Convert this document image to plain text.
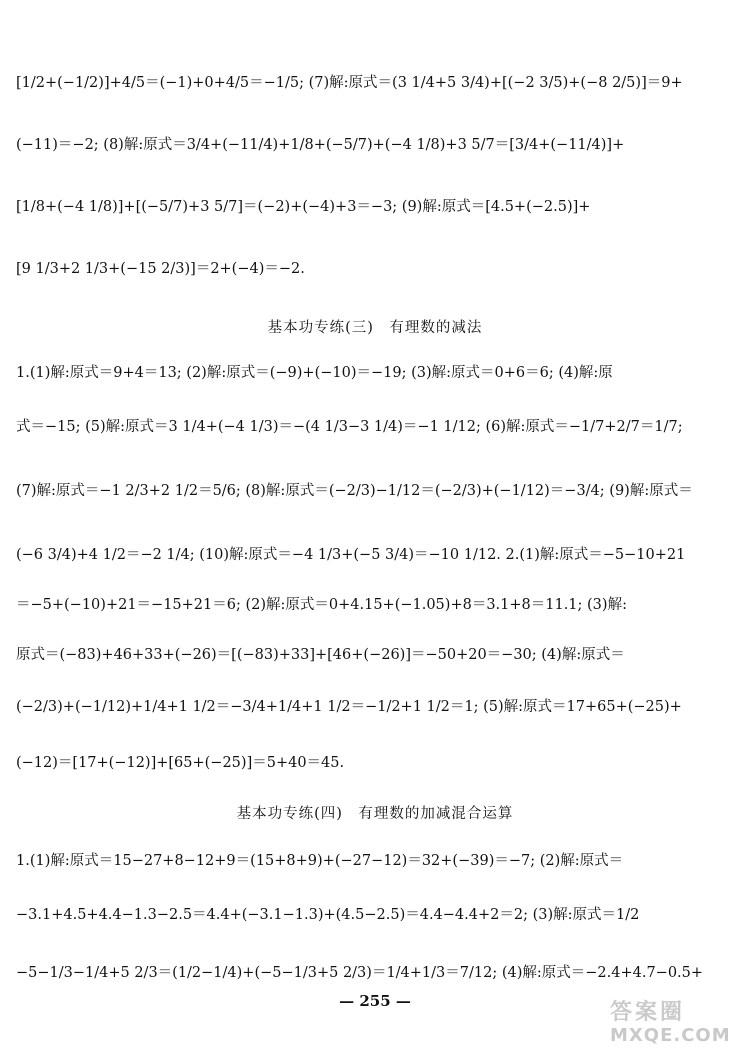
[1/2+(−1/2)]+4/5＝(−1)+0+4/5＝−1/5; (7)解:原式＝(3 1/4+5 3/4)+[(−2 3/5)+(−8 2/5)]＝9+
(−11)＝−2; (8)解:原式＝3/4+(−11/4)+1/8+(−5/7)+(−4 1/8)+3 5/7＝[3/4+(−11/4)]+
[1/8+(−4 1/8)]+[(−5/7)+3 5/7]＝(−2)+(−4)+3＝−3; (9)解:原式＝[4.5+(−2.5)]+
[9 1/3+2 1/3+(−15 2/3)]＝2+(−4)＝−2.
基本功专练(三)　有理数的减法
1.(1)解:原式＝9+4＝13; (2)解:原式＝(−9)+(−10)＝−19; (3)解:原式＝0+6＝6; (4)解:原
式＝−15; (5)解:原式＝3 1/4+(−4 1/3)＝−(4 1/3−3 1/4)＝−1 1/12; (6)解:原式＝−1/7+2/7＝1/7;
(7)解:原式＝−1 2/3+2 1/2＝5/6; (8)解:原式＝(−2/3)−1/12＝(−2/3)+(−1/12)＝−3/4; (9)解:原式＝
(−6 3/4)+4 1/2＝−2 1/4; (10)解:原式＝−4 1/3+(−5 3/4)＝−10 1/12. 2.(1)解:原式＝−5−10+21
＝−5+(−10)+21＝−15+21＝6; (2)解:原式＝0+4.15+(−1.05)+8＝3.1+8＝11.1; (3)解:
原式＝(−83)+46+33+(−26)＝[(−83)+33]+[46+(−26)]＝−50+20＝−30; (4)解:原式＝
(−2/3)+(−1/12)+1/4+1 1/2＝−3/4+1/4+1 1/2＝−1/2+1 1/2＝1; (5)解:原式＝17+65+(−25)+
(−12)＝[17+(−12)]+[65+(−25)]＝5+40＝45.
基本功专练(四)　有理数的加减混合运算
1.(1)解:原式＝15−27+8−12+9＝(15+8+9)+(−27−12)＝32+(−39)＝−7; (2)解:原式＝
−3.1+4.5+4.4−1.3−2.5＝4.4+(−3.1−1.3)+(4.5−2.5)＝4.4−4.4+2＝2; (3)解:原式＝1/2
−5−1/3−1/4+5 2/3＝(1/2−1/4)+(−5−1/3+5 2/3)＝1/4+1/3＝7/12; (4)解:原式＝−2.4+4.7−0.5+
— 255 —	答案圈
MXQE.COM
